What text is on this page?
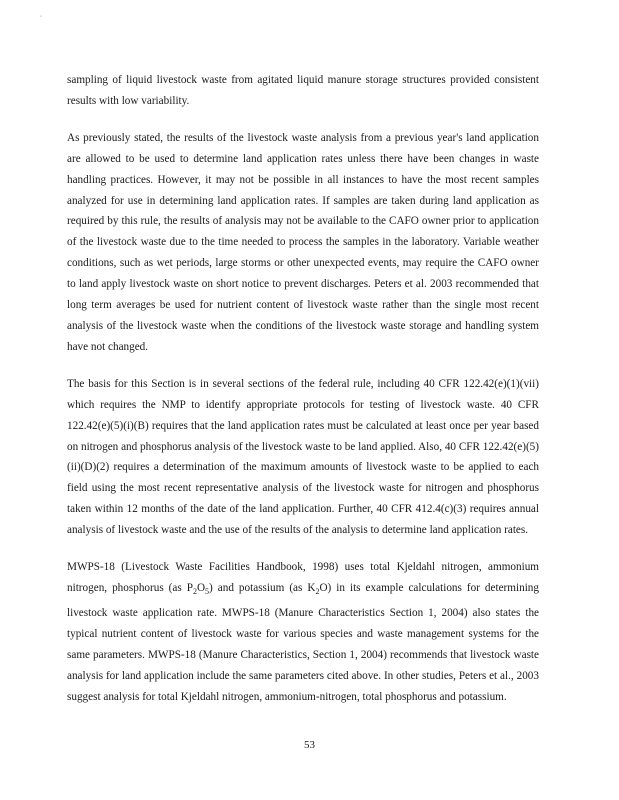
◦

sampling of liquid livestock waste from agitated liquid manure storage structures provided consistent results with low variability.

As previously stated, the results of the livestock waste analysis from a previous year's land application are allowed to be used to determine land application rates unless there have been changes in waste handling practices. However, it may not be possible in all instances to have the most recent samples analyzed for use in determining land application rates. If samples are taken during land application as required by this rule, the results of analysis may not be available to the CAFO owner prior to application of the livestock waste due to the time needed to process the samples in the laboratory. Variable weather conditions, such as wet periods, large storms or other unexpected events, may require the CAFO owner to land apply livestock waste on short notice to prevent discharges. Peters et al. 2003 recommended that long term averages be used for nutrient content of livestock waste rather than the single most recent analysis of the livestock waste when the conditions of the livestock waste storage and handling system have not changed.

The basis for this Section is in several sections of the federal rule, including 40 CFR 122.42(e)(1)(vii) which requires the NMP to identify appropriate protocols for testing of livestock waste. 40 CFR 122.42(e)(5)(i)(B) requires that the land application rates must be calculated at least once per year based on nitrogen and phosphorus analysis of the livestock waste to be land applied. Also, 40 CFR 122.42(e)(5)(ii)(D)(2) requires a determination of the maximum amounts of livestock waste to be applied to each field using the most recent representative analysis of the livestock waste for nitrogen and phosphorus taken within 12 months of the date of the land application. Further, 40 CFR 412.4(c)(3) requires annual analysis of livestock waste and the use of the results of the analysis to determine land application rates.

MWPS-18 (Livestock Waste Facilities Handbook, 1998) uses total Kjeldahl nitrogen, ammonium nitrogen, phosphorus (as $P_2O_5$) and potassium (as $K_2O$) in its example calculations for determining livestock waste application rate. MWPS-18 (Manure Characteristics Section 1, 2004) also states the typical nutrient content of livestock waste for various species and waste management systems for the same parameters. MWPS-18 (Manure Characteristics, Section 1, 2004) recommends that livestock waste analysis for land application include the same parameters cited above. In other studies, Peters et al., 2003 suggest analysis for total Kjeldahl nitrogen, ammonium-nitrogen, total phosphorus and potassium.

53
